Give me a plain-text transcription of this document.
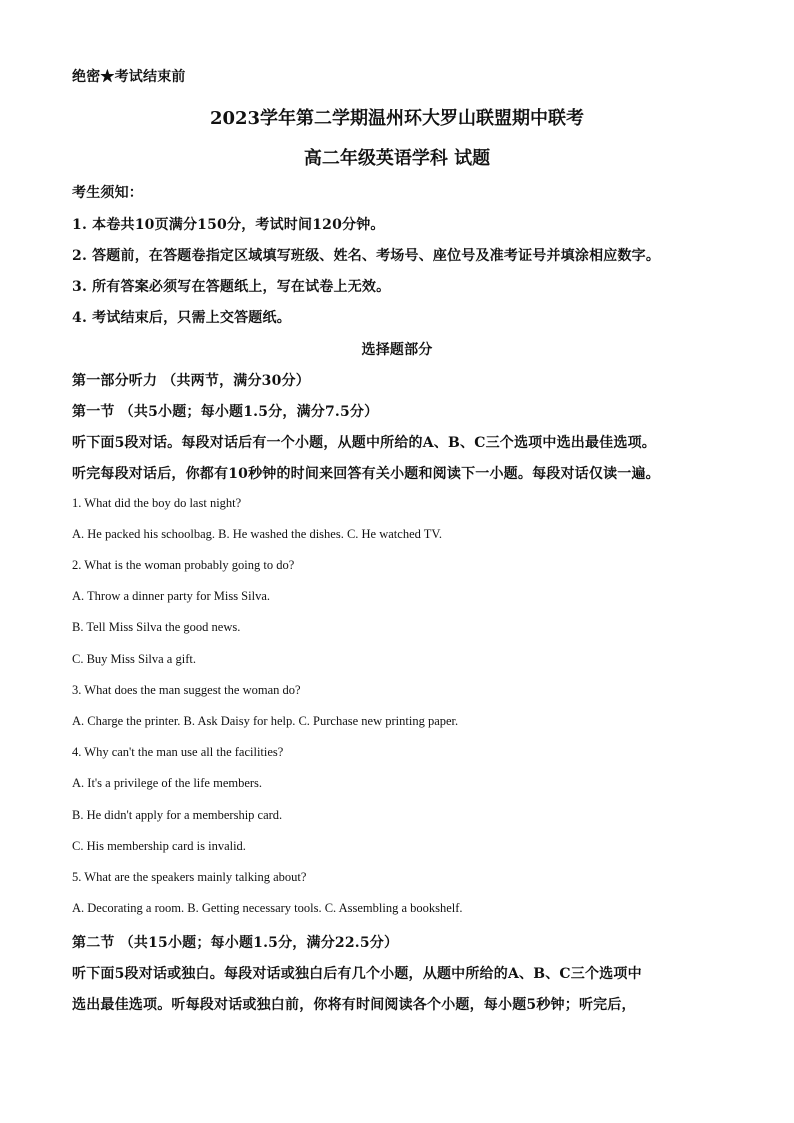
绝密★考试结束前
2023学年第二学期温州环大罗山联盟期中联考
高二年级英语学科 试题
考生须知：
1. 本卷共10页满分150分，考试时间120分钟。
2. 答题前，在答题卷指定区域填写班级、姓名、考场号、座位号及准考证号并填涂相应数字。
3. 所有答案必须写在答题纸上，写在试卷上无效。
4. 考试结束后，只需上交答题纸。
选择题部分
第一部分听力 （共两节，满分30分）
第一节 （共5小题；每小题1.5分，满分7.5分）
听下面5段对话。每段对话后有一个小题，从题中所给的A、B、C三个选项中选出最佳选项。
听完每段对话后，你都有10秒钟的时间来回答有关小题和阅读下一小题。每段对话仅读一遍。
1. What did the boy do last night?
A. He packed his schoolbag. B. He washed the dishes. C. He watched TV.
2. What is the woman probably going to do?
A. Throw a dinner party for Miss Silva.
B. Tell Miss Silva the good news.
C. Buy Miss Silva a gift.
3. What does the man suggest the woman do?
A. Charge the printer. B. Ask Daisy for help. C. Purchase new printing paper.
4. Why can't the man use all the facilities?
A. It's a privilege of the life members.
B. He didn't apply for a membership card.
C. His membership card is invalid.
5. What are the speakers mainly talking about?
A. Decorating a room. B. Getting necessary tools. C. Assembling a bookshelf.
第二节 （共15小题；每小题1.5分，满分22.5分）
听下面5段对话或独白。每段对话或独白后有几个小题，从题中所给的A、B、C三个选项中
选出最佳选项。听每段对话或独白前，你将有时间阅读各个小题，每小题5秒钟；听完后，
